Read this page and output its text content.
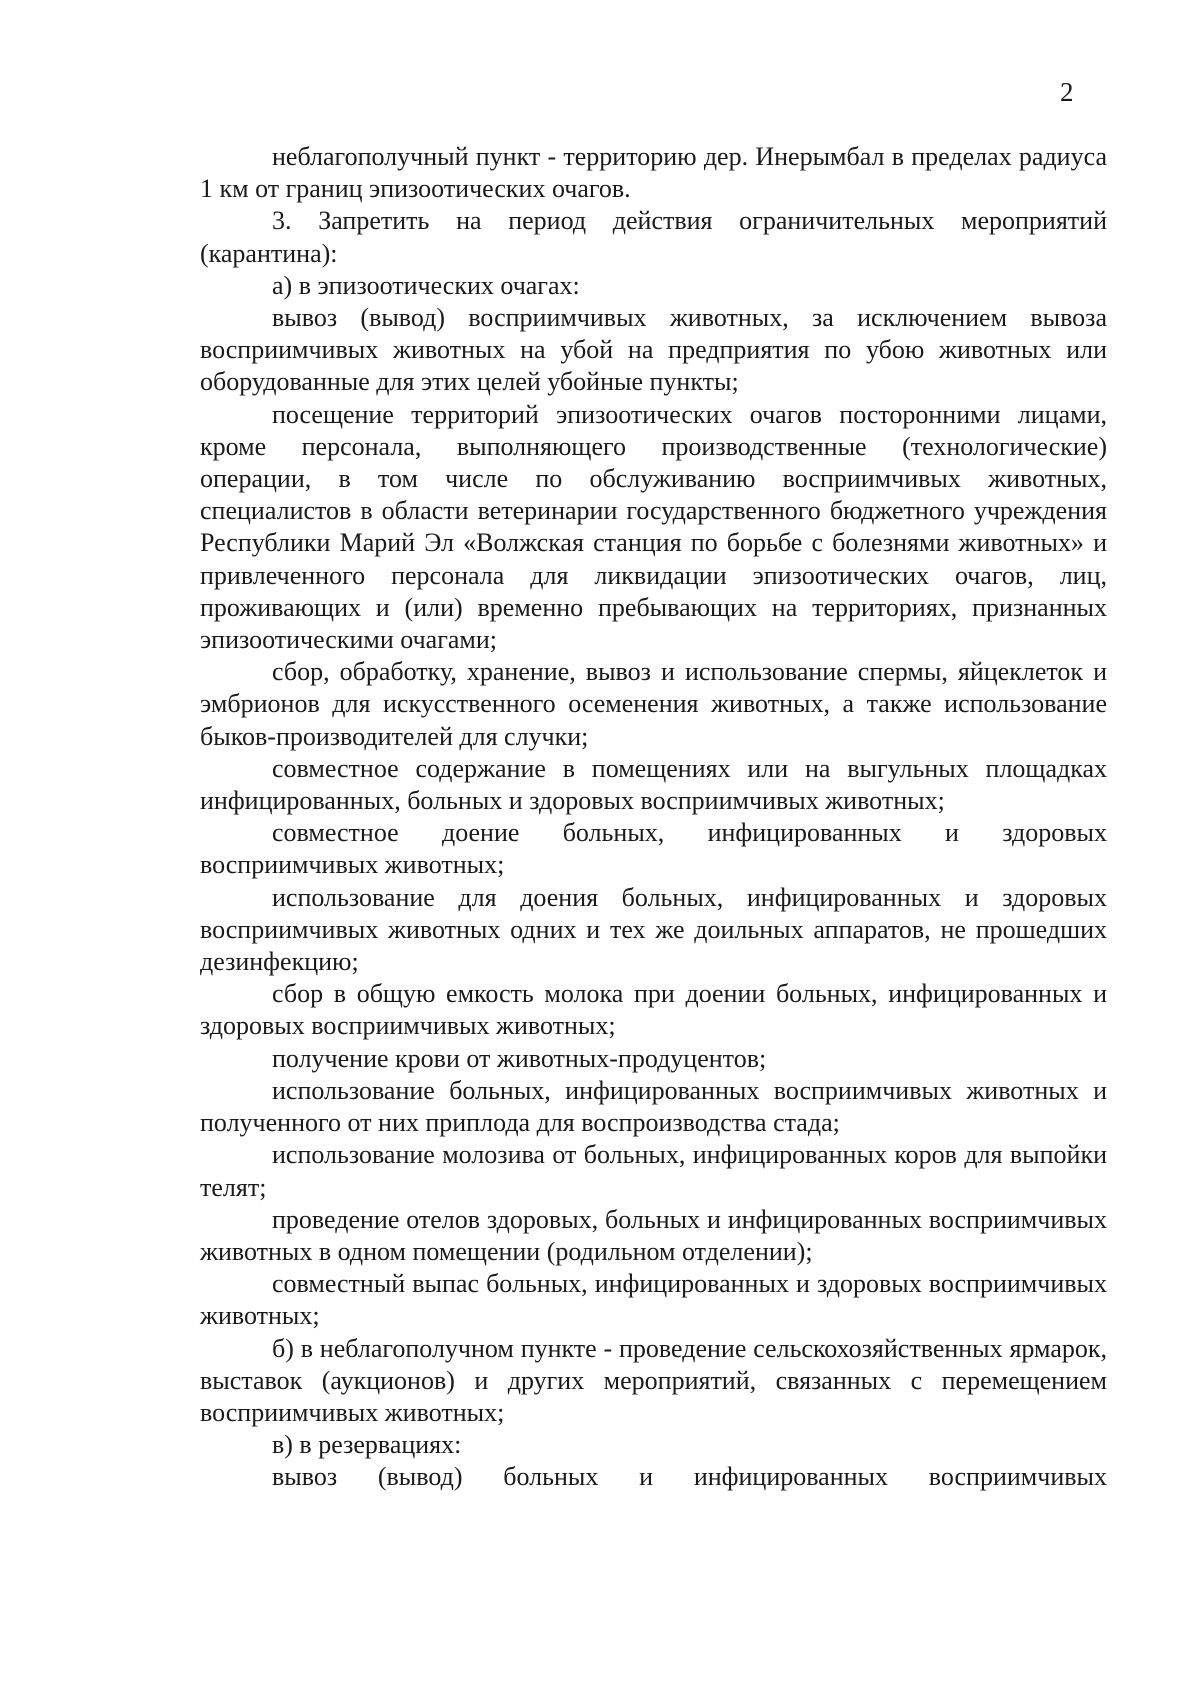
2

неблагополучный пункт - территорию дер. Инерымбал в пределах радиуса 1 км от границ эпизоотических очагов.

3. Запретить на период действия ограничительных мероприятий (карантина):

а) в эпизоотических очагах:

вывоз (вывод) восприимчивых животных, за исключением вывоза восприимчивых животных на убой на предприятия по убою животных или оборудованные для этих целей убойные пункты;

посещение территорий эпизоотических очагов посторонними лицами, кроме персонала, выполняющего производственные (технологические) операции, в том числе по обслуживанию восприимчивых животных, специалистов в области ветеринарии государственного бюджетного учреждения Республики Марий Эл «Волжская станция по борьбе с болезнями животных» и привлеченного персонала для ликвидации эпизоотических очагов, лиц, проживающих и (или) временно пребывающих на территориях, признанных эпизоотическими очагами;

сбор, обработку, хранение, вывоз и использование спермы, яйцеклеток и эмбрионов для искусственного осеменения животных, а также использование быков-производителей для случки;

совместное содержание в помещениях или на выгульных площадках инфицированных, больных и здоровых восприимчивых животных;

совместное доение больных, инфицированных и здоровых восприимчивых животных;

использование для доения больных, инфицированных и здоровых восприимчивых животных одних и тех же доильных аппаратов, не прошедших дезинфекцию;

сбор в общую емкость молока при доении больных, инфицированных и здоровых восприимчивых животных;

получение крови от животных-продуцентов;

использование больных, инфицированных восприимчивых животных и полученного от них приплода для воспроизводства стада;

использование молозива от больных, инфицированных коров для выпойки телят;

проведение отелов здоровых, больных и инфицированных восприимчивых животных в одном помещении (родильном отделении);

совместный выпас больных, инфицированных и здоровых восприимчивых животных;

б) в неблагополучном пункте - проведение сельскохозяйственных ярмарок, выставок (аукционов) и других мероприятий, связанных с перемещением восприимчивых животных;

в) в резервациях:

вывоз (вывод) больных и инфицированных восприимчивых
